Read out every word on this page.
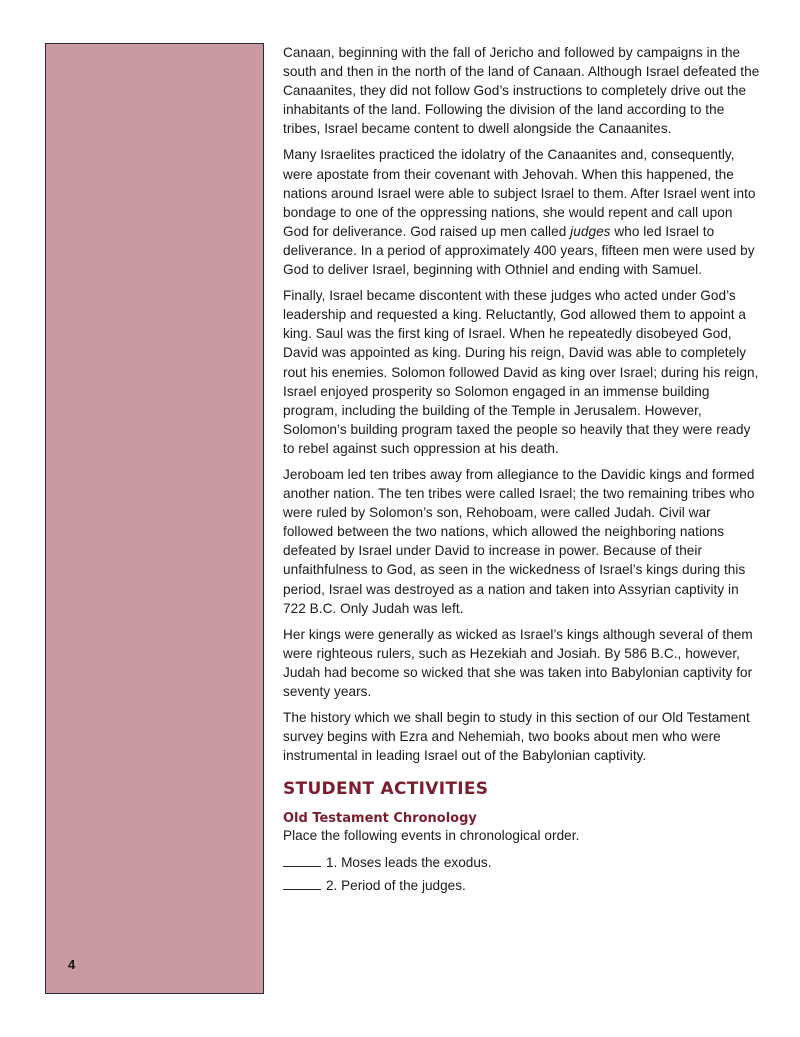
4

Canaan, beginning with the fall of Jericho and followed by campaigns in the south and then in the north of the land of Canaan. Although Israel defeated the Canaanites, they did not follow God’s instructions to completely drive out the inhabitants of the land. Following the division of the land according to the tribes, Israel became content to dwell alongside the Canaanites.

Many Israelites practiced the idolatry of the Canaanites and, consequently, were apostate from their covenant with Jehovah. When this happened, the nations around Israel were able to subject Israel to them. After Israel went into bondage to one of the oppressing nations, she would repent and call upon God for deliverance. God raised up men called judges who led Israel to deliverance. In a period of approximately 400 years, fifteen men were used by God to deliver Israel, beginning with Othniel and ending with Samuel.

Finally, Israel became discontent with these judges who acted under God’s leadership and requested a king. Reluctantly, God allowed them to appoint a king. Saul was the first king of Israel. When he repeatedly disobeyed God, David was appointed as king. During his reign, David was able to completely rout his enemies. Solomon followed David as king over Israel; during his reign, Israel enjoyed prosperity so Solomon engaged in an immense building program, including the building of the Temple in Jerusalem. However, Solomon’s building program taxed the people so heavily that they were ready to rebel against such oppression at his death.

Jeroboam led ten tribes away from allegiance to the Davidic kings and formed another nation. The ten tribes were called Israel; the two remaining tribes who were ruled by Solomon’s son, Rehoboam, were called Judah. Civil war followed between the two nations, which allowed the neighboring nations defeated by Israel under David to increase in power. Because of their unfaithfulness to God, as seen in the wickedness of Israel’s kings during this period, Israel was destroyed as a nation and taken into Assyrian captivity in 722 B.C. Only Judah was left.

Her kings were generally as wicked as Israel’s kings although several of them were righteous rulers, such as Hezekiah and Josiah. By 586 B.C., however, Judah had become so wicked that she was taken into Babylonian captivity for seventy years.

The history which we shall begin to study in this section of our Old Testament survey begins with Ezra and Nehemiah, two books about men who were instrumental in leading Israel out of the Babylonian captivity.

STUDENT ACTIVITIES
Old Testament Chronology

Place the following events in chronological order.

1. Moses leads the exodus.
2. Period of the judges.
